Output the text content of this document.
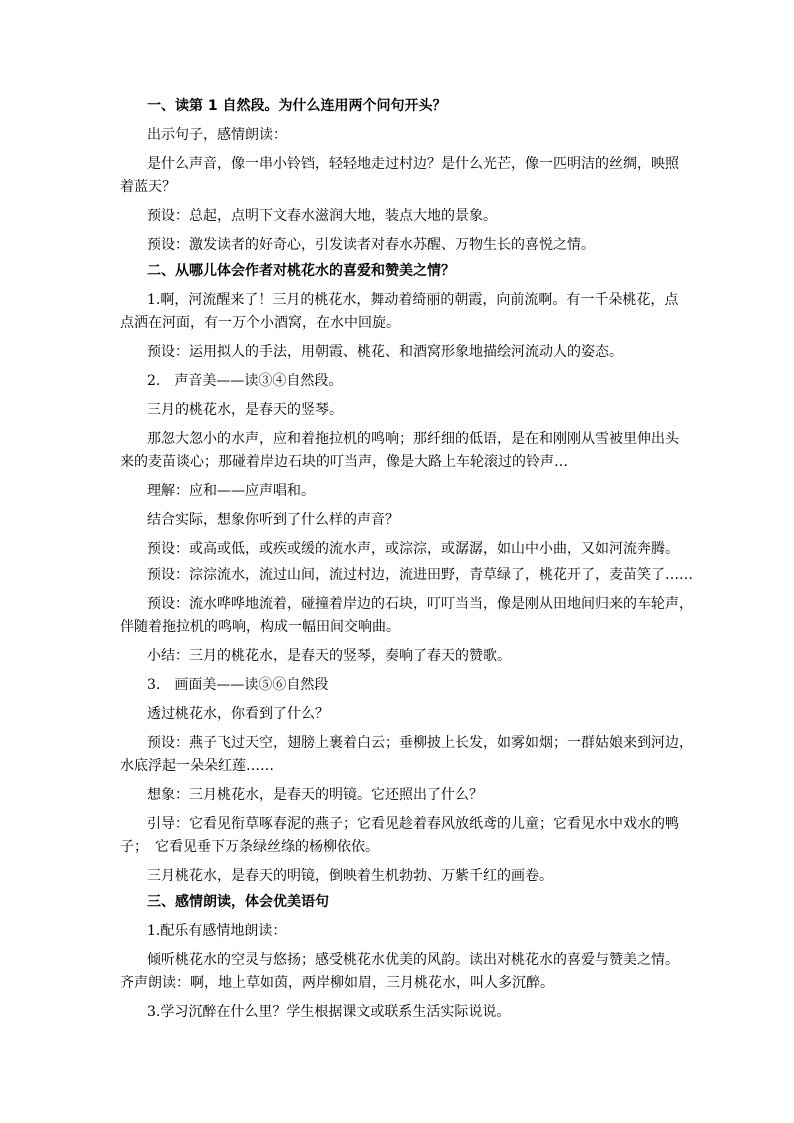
一、读第 1 自然段。为什么连用两个问句开头？
出示句子，感情朗读：
是什么声音，像一串小铃铛，轻轻地走过村边？是什么光芒，像一匹明洁的丝绸，映照
着蓝天？
预设：总起，点明下文春水滋润大地，装点大地的景象。
预设：激发读者的好奇心，引发读者对春水苏醒、万物生长的喜悦之情。
二、从哪儿体会作者对桃花水的喜爱和赞美之情？
1.啊，河流醒来了！三月的桃花水，舞动着绮丽的朝霞，向前流啊。有一千朵桃花，点
点洒在河面，有一万个小酒窝，在水中回旋。
预设：运用拟人的手法，用朝霞、桃花、和酒窝形象地描绘河流动人的姿态。
2.　声音美——读③④自然段。
三月的桃花水，是春天的竖琴。
那忽大忽小的水声，应和着拖拉机的鸣响；那纤细的低语，是在和刚刚从雪被里伸出头
来的麦苗谈心；那碰着岸边石块的叮当声，像是大路上车轮滚过的铃声…
理解：应和——应声唱和。
结合实际，想象你听到了什么样的声音？
预设：或高或低，或疾或缓的流水声，或淙淙，或潺潺，如山中小曲，又如河流奔腾。
预设：淙淙流水，流过山间，流过村边，流进田野，青草绿了，桃花开了，麦苗笑了……
预设：流水哗哗地流着，碰撞着岸边的石块，叮叮当当，像是刚从田地间归来的车轮声，
伴随着拖拉机的鸣响，构成一幅田间交响曲。
小结：三月的桃花水，是春天的竖琴，奏响了春天的赞歌。
3.　画面美——读⑤⑥自然段
透过桃花水，你看到了什么？
预设：燕子飞过天空，翅膀上裹着白云；垂柳披上长发，如雾如烟；一群姑娘来到河边，
水底浮起一朵朵红莲……
想象：三月桃花水，是春天的明镜。它还照出了什么？
引导：它看见衔草啄春泥的燕子；它看见趁着春风放纸鸢的儿童；它看见水中戏水的鸭
子；　它看见垂下万条绿丝绦的杨柳依依。
三月桃花水，是春天的明镜，倒映着生机勃勃、万紫千红的画卷。
三、感情朗读，体会优美语句
1.配乐有感情地朗读：
倾听桃花水的空灵与悠扬；感受桃花水优美的风韵。读出对桃花水的喜爱与赞美之情。
齐声朗读：啊，地上草如茵，两岸柳如眉，三月桃花水，叫人多沉醉。
3.学习沉醉在什么里？学生根据课文或联系生活实际说说。
